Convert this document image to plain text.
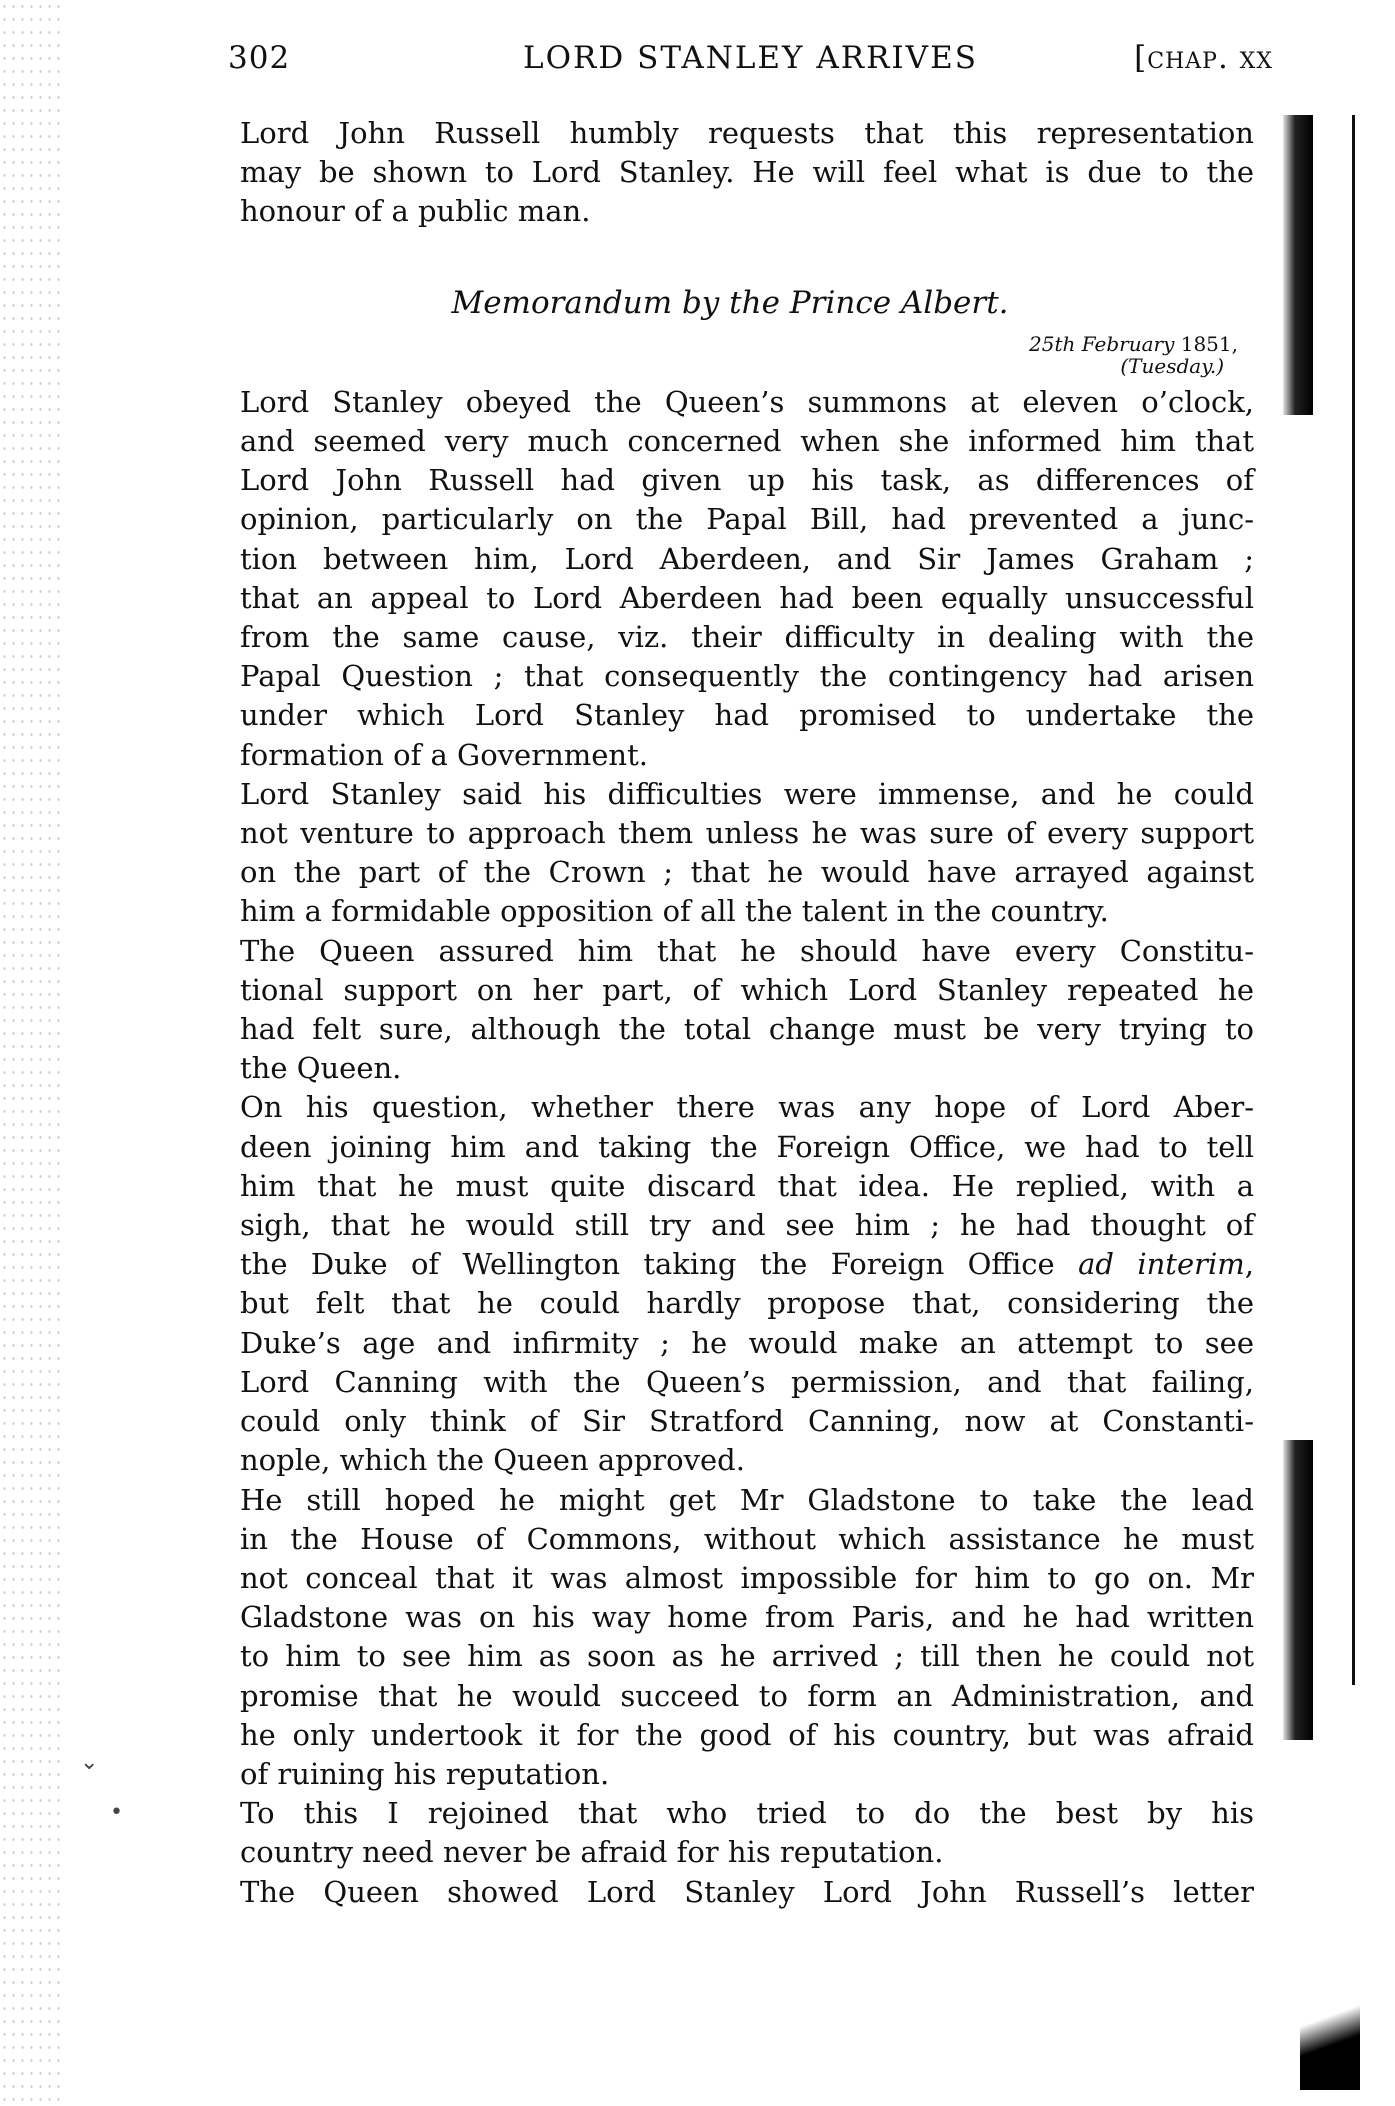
302	LORD STANLEY ARRIVES	[chap. xx

Lord John Russell humbly requests that this representation
may be shown to Lord Stanley. He will feel what is due to the
honour of a public man.

Memorandum by the Prince Albert.
25th February 1851,
(Tuesday.)

Lord Stanley obeyed the Queen’s summons at eleven o’clock,
and seemed very much concerned when she informed him that
Lord John Russell had given up his task, as differences of
opinion, particularly on the Papal Bill, had prevented a junc-
tion between him, Lord Aberdeen, and Sir James Graham ;
that an appeal to Lord Aberdeen had been equally unsuccessful
from the same cause, viz. their difficulty in dealing with the
Papal Question ; that consequently the contingency had arisen
under which Lord Stanley had promised to undertake the
formation of a Government.

Lord Stanley said his difficulties were immense, and he could
not venture to approach them unless he was sure of every support
on the part of the Crown ; that he would have arrayed against
him a formidable opposition of all the talent in the country.

The Queen assured him that he should have every Constitu-
tional support on her part, of which Lord Stanley repeated he
had felt sure, although the total change must be very trying to
the Queen.

On his question, whether there was any hope of Lord Aber-
deen joining him and taking the Foreign Office, we had to tell
him that he must quite discard that idea. He replied, with a
sigh, that he would still try and see him ; he had thought of
the Duke of Wellington taking the Foreign Office ad interim,
but felt that he could hardly propose that, considering the
Duke’s age and infirmity ; he would make an attempt to see
Lord Canning with the Queen’s permission, and that failing,
could only think of Sir Stratford Canning, now at Constanti-
nople, which the Queen approved.

He still hoped he might get Mr Gladstone to take the lead
in the House of Commons, without which assistance he must
not conceal that it was almost impossible for him to go on. Mr
Gladstone was on his way home from Paris, and he had written
to him to see him as soon as he arrived ; till then he could not
promise that he would succeed to form an Administration, and
he only undertook it for the good of his country, but was afraid
of ruining his reputation.

To this I rejoined that who tried to do the best by his
country need never be afraid for his reputation.

The Queen showed Lord Stanley Lord John Russell’s letter

⌄
•
